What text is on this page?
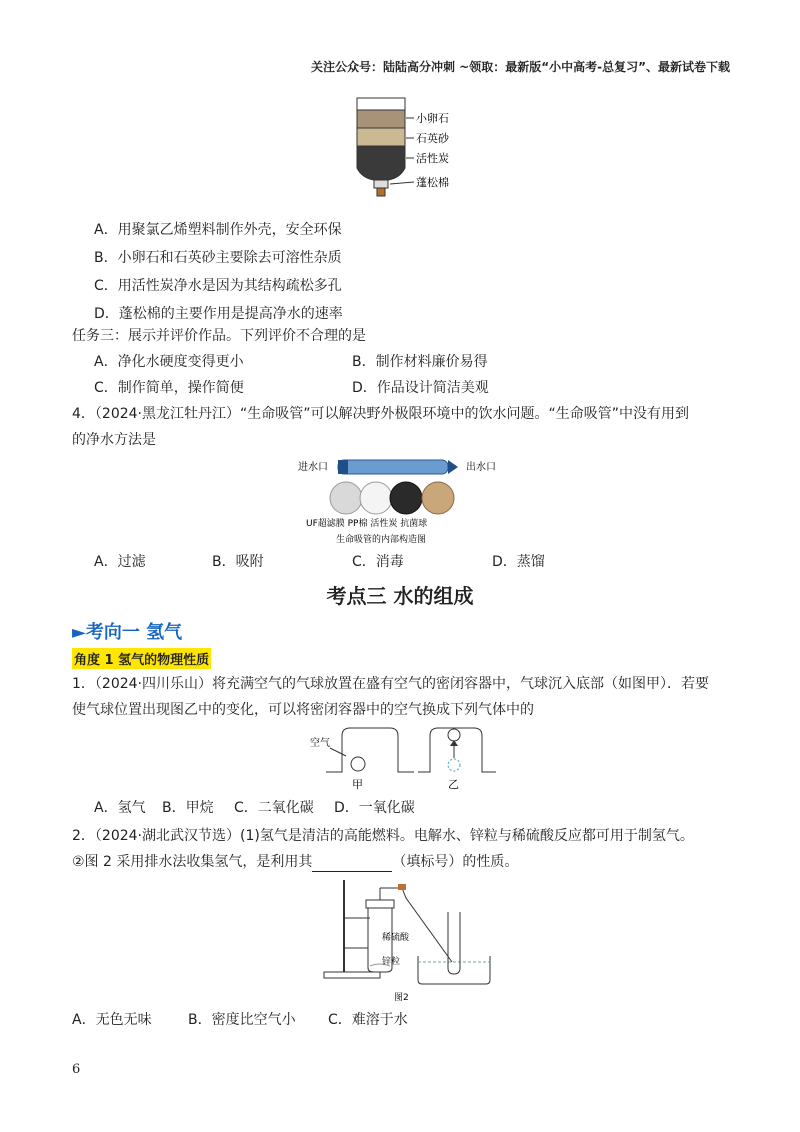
关注公众号：陆陆高分冲刺 ~领取：最新版“小中高考-总复习”、最新试卷下载
小卵石
石英砂
活性炭
蓬松棉
A．用聚氯乙烯塑料制作外壳，安全环保
B．小卵石和石英砂主要除去可溶性杂质
C．用活性炭净水是因为其结构疏松多孔
D．蓬松棉的主要作用是提高净水的速率
任务三：展示并评价作品。下列评价不合理的是
A．净化水硬度变得更小	B．制作材料廉价易得
C．制作简单，操作简便	D．作品设计简洁美观
4．（2024·黑龙江牡丹江）“生命吸管”可以解决野外极限环境中的饮水问题。“生命吸管”中没有用到
的净水方法是
进水口	出水口
UF超滤膜 PP棉 活性炭 抗菌球
生命吸管的内部构造图
A．过滤	B．吸附	C．消毒	D．蒸馏
考点三 水的组成
►考向一 氢气
角度 1 氢气的物理性质
1．（2024·四川乐山）将充满空气的气球放置在盛有空气的密闭容器中，气球沉入底部（如图甲）．若要
使气球位置出现图乙中的变化，可以将密闭容器中的空气换成下列气体中的
空气
甲	乙
A．氢气 B．甲烷 C．二氧化碳 D．一氧化碳
2．（2024·湖北武汉节选）(1)氢气是清洁的高能燃料。电解水、锌粒与稀硫酸反应都可用于制氢气。
②图 2 采用排水法收集氢气，是利用其	（填标号）的性质。
稀硫酸
锌粒
图2
A．无色无味	B．密度比空气小 C．难溶于水
6
